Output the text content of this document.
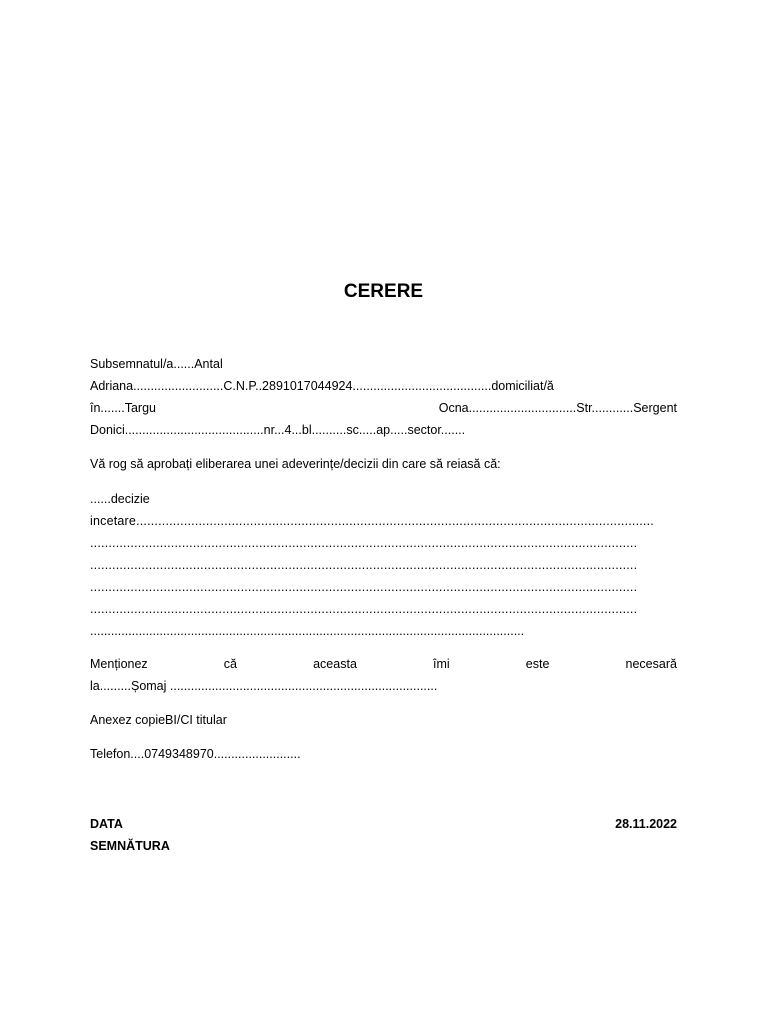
CERERE
Subsemnatul/a......Antal
Adriana..........................C.N.P..2891017044924........................................domiciliat/ă
în.......Targu	Ocna...............................Str............Sergent
Donici........................................nr...4...bl..........sc.....ap.....sector.......
Vă rog să aprobați eliberarea unei adeverințe/decizii din care să reiasă că:
......decizie
incetare.............................................................................................................................................
.....................................................................................................................................................
.....................................................................................................................................................
.....................................................................................................................................................
.....................................................................................................................................................
.............................................................................................................................
Menționez	că	aceasta	îmi	este	necesară
la.........Șomaj .............................................................................
Anexez copieBI/CI titular
Telefon....0749348970.........................
DATA	28.11.2022
SEMNĂTURA
